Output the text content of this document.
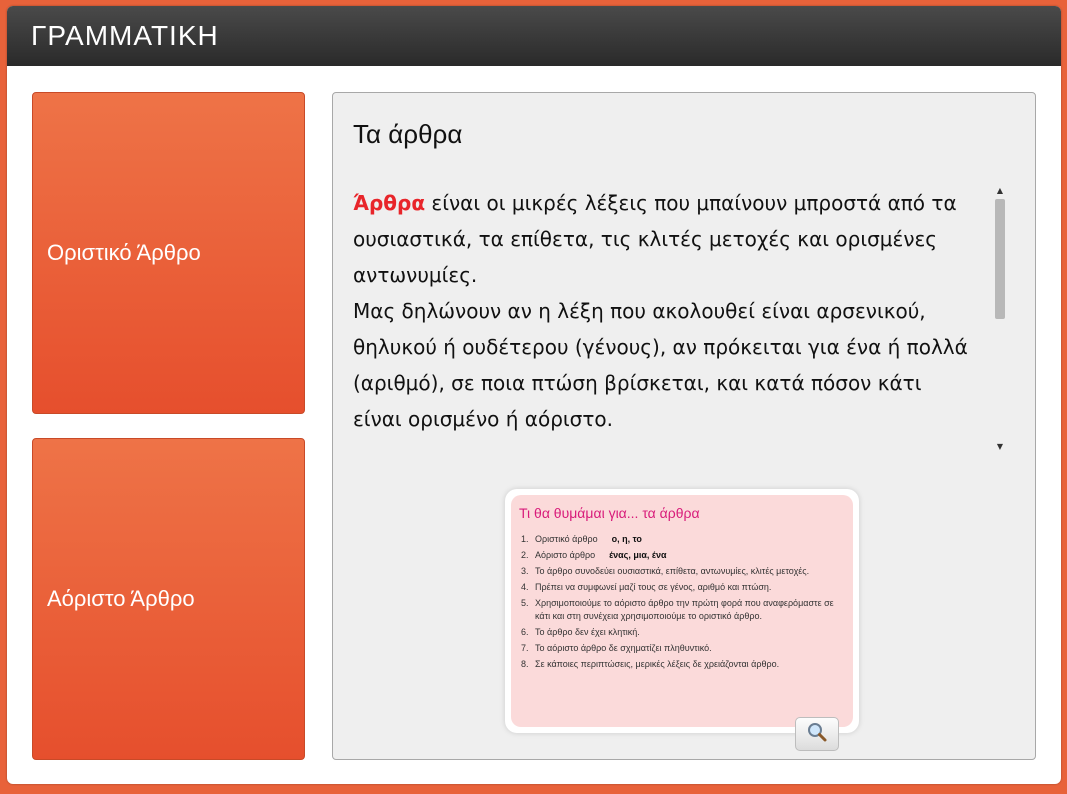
ΓΡΑΜΜΑΤΙΚΗ
Οριστικό Άρθρο
Αόριστο Άρθρο
Τα άρθρα

Άρθρα είναι οι μικρές λέξεις που μπαίνουν μπροστά από τα ουσιαστικά, τα επίθετα, τις κλιτές μετοχές και ορισμένες αντωνυμίες.

Μας δηλώνουν αν η λέξη που ακολουθεί είναι αρσενικού, θηλυκού ή ουδέτερου (γένους), αν πρόκειται για ένα ή πολλά (αριθμό), σε ποια πτώση βρίσκεται, και κατά πόσον κάτι είναι ορισμένο ή αόριστο.

▲
▼
Τι θα θυμάμαι για... τα άρθρα
1. Οριστικό άρθρο ο, η, το
2. Αόριστο άρθρο ένας, μια, ένα
3. Το άρθρο συνοδεύει ουσιαστικά, επίθετα, αντωνυμίες, κλιτές μετοχές.
4. Πρέπει να συμφωνεί μαζί τους σε γένος, αριθμό και πτώση.
5. Χρησιμοποιούμε το αόριστο άρθρο την πρώτη φορά που αναφερόμαστε σε κάτι και στη συνέχεια χρησιμοποιούμε το οριστικό άρθρο.
6. Το άρθρο δεν έχει κλητική.
7. Το αόριστο άρθρο δε σχηματίζει πληθυντικό.
8. Σε κάποιες περιπτώσεις, μερικές λέξεις δε χρειάζονται άρθρο.
